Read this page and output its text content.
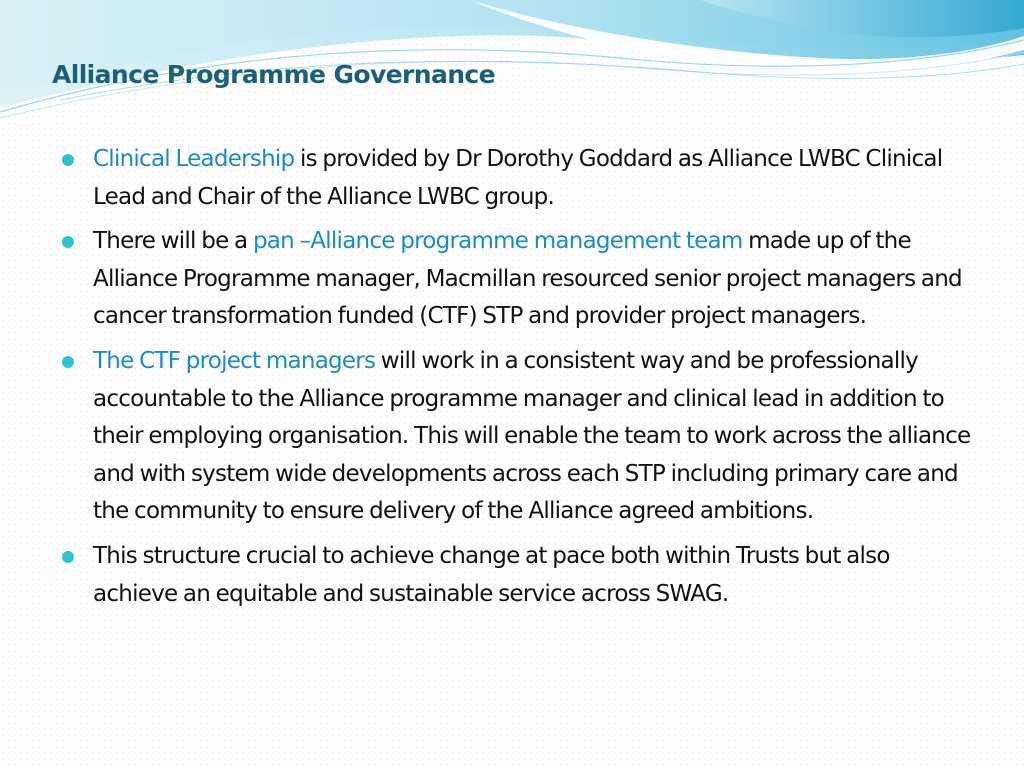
Alliance Programme Governance
Clinical Leadership is provided by Dr Dorothy Goddard as Alliance LWBC Clinical Lead and Chair of the Alliance LWBC group.
There will be a pan –Alliance programme management team made up of the Alliance Programme manager, Macmillan resourced senior project managers and cancer transformation funded (CTF) STP and provider project managers.
The CTF project managers will work in a consistent way and be professionally accountable to the Alliance programme manager and clinical lead in addition to their employing organisation. This will enable the team to work across the alliance and with system wide developments across each STP including primary care and the community to ensure delivery of the Alliance agreed ambitions.
This structure crucial to achieve change at pace both within Trusts but also achieve an equitable and sustainable service across SWAG.
